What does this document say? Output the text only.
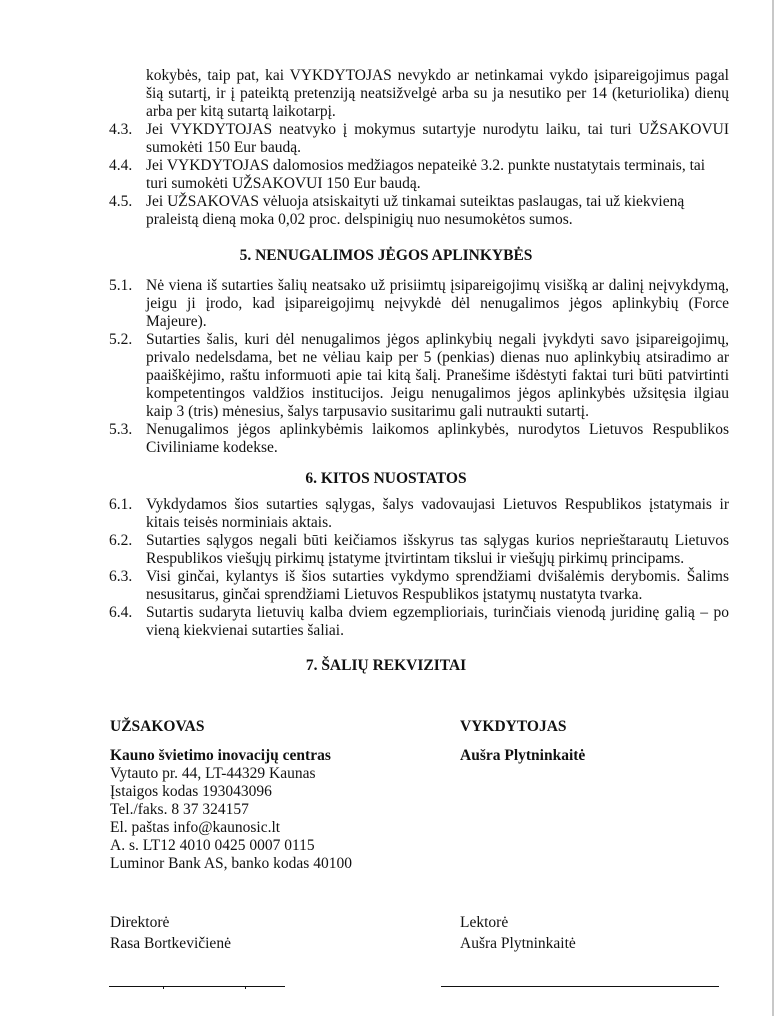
kokybės, taip pat, kai VYKDYTOJAS nevykdo ar netinkamai vykdo įsipareigojimus pagal
šią sutartį, ir į pateiktą pretenziją neatsižvelgė arba su ja nesutiko per 14 (keturiolika) dienų
arba per kitą sutartą laikotarpį.
4.3. Jei VYKDYTOJAS neatvyko į mokymus sutartyje nurodytu laiku, tai turi UŽSAKOVUI
sumokėti 150 Eur baudą.
4.4. Jei VYKDYTOJAS dalomosios medžiagos nepateikė 3.2. punkte nustatytais terminais, tai
turi sumokėti UŽSAKOVUI 150 Eur baudą.
4.5. Jei UŽSAKOVAS vėluoja atsiskaityti už tinkamai suteiktas paslaugas, tai už kiekvieną
praleistą dieną moka 0,02 proc. delspinigių nuo nesumokėtos sumos.
5. NENUGALIMOS JĖGOS APLINKYBĖS
5.1. Nė viena iš sutarties šalių neatsako už prisiimtų įsipareigojimų visišką ar dalinį neįvykdymą,
jeigu ji įrodo, kad įsipareigojimų neįvykdė dėl nenugalimos jėgos aplinkybių (Force
Majeure).
5.2. Sutarties šalis, kuri dėl nenugalimos jėgos aplinkybių negali įvykdyti savo įsipareigojimų,
privalo nedelsdama, bet ne vėliau kaip per 5 (penkias) dienas nuo aplinkybių atsiradimo ar
paaiškėjimo, raštu informuoti apie tai kitą šalį. Pranešime išdėstyti faktai turi būti patvirtinti
kompetentingos valdžios institucijos. Jeigu nenugalimos jėgos aplinkybės užsitęsia ilgiau
kaip 3 (tris) mėnesius, šalys tarpusavio susitarimu gali nutraukti sutartį.
5.3. Nenugalimos jėgos aplinkybėmis laikomos aplinkybės, nurodytos Lietuvos Respublikos
Civiliniame kodekse.
6. KITOS NUOSTATOS
6.1. Vykdydamos šios sutarties sąlygas, šalys vadovaujasi Lietuvos Respublikos įstatymais ir
kitais teisės norminiais aktais.
6.2. Sutarties sąlygos negali būti keičiamos išskyrus tas sąlygas kurios neprieštarautų Lietuvos
Respublikos viešųjų pirkimų įstatyme įtvirtintam tikslui ir viešųjų pirkimų principams.
6.3. Visi ginčai, kylantys iš šios sutarties vykdymo sprendžiami dvišalėmis derybomis. Šalims
nesusitarus, ginčai sprendžiami Lietuvos Respublikos įstatymų nustatyta tvarka.
6.4. Sutartis sudaryta lietuvių kalba dviem egzemplioriais, turinčiais vienodą juridinę galią – po
vieną kiekvienai sutarties šaliai.
7. ŠALIŲ REKVIZITAI
UŽSAKOVAS
Kauno švietimo inovacijų centras
Vytauto pr. 44, LT-44329 Kaunas
Įstaigos kodas 193043096
Tel./faks. 8 37 324157
El. paštas info@kaunosic.lt
A. s. LT12 4010 0425 0007 0115
Luminor Bank AS, banko kodas 40100
Direktorė
Rasa Bortkevičienė
VYKDYTOJAS
Aušra Plytninkaitė
Lektorė
Aušra Plytninkaitė
